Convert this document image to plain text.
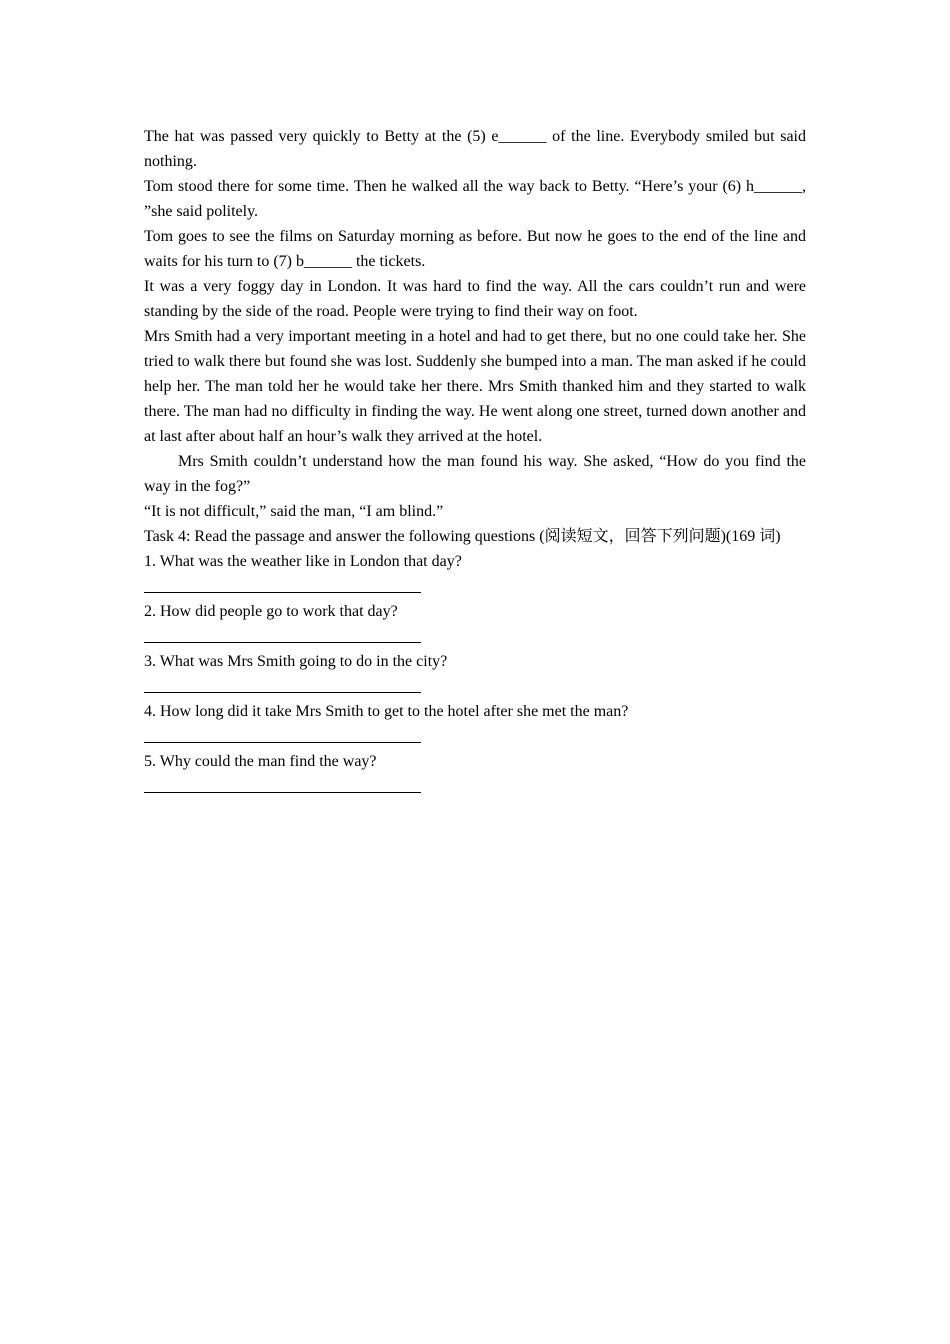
The hat was passed very quickly to Betty at the (5) e______ of the line. Everybody smiled but said nothing.

Tom stood there for some time. Then he walked all the way back to Betty. “Here’s your (6) h______, ”she said politely.

Tom goes to see the films on Saturday morning as before. But now he goes to the end of the line and waits for his turn to (7) b______ the tickets.

It was a very foggy day in London. It was hard to find the way. All the cars couldn’t run and were standing by the side of the road. People were trying to find their way on foot.

Mrs Smith had a very important meeting in a hotel and had to get there, but no one could take her. She tried to walk there but found she was lost. Suddenly she bumped into a man. The man asked if he could help her. The man told her he would take her there. Mrs Smith thanked him and they started to walk there. The man had no difficulty in finding the way. He went along one street, turned down another and at last after about half an hour’s walk they arrived at the hotel.

Mrs Smith couldn’t understand how the man found his way. She asked, “How do you find the way in the fog?”

“It is not difficult,” said the man, “I am blind.”

Task 4: Read the passage and answer the following questions (阅读短文，回答下列问题)(169 词)

1. What was the weather like in London that day?

2. How did people go to work that day?

3. What was Mrs Smith going to do in the city?

4. How long did it take Mrs Smith to get to the hotel after she met the man?

5. Why could the man find the way?
